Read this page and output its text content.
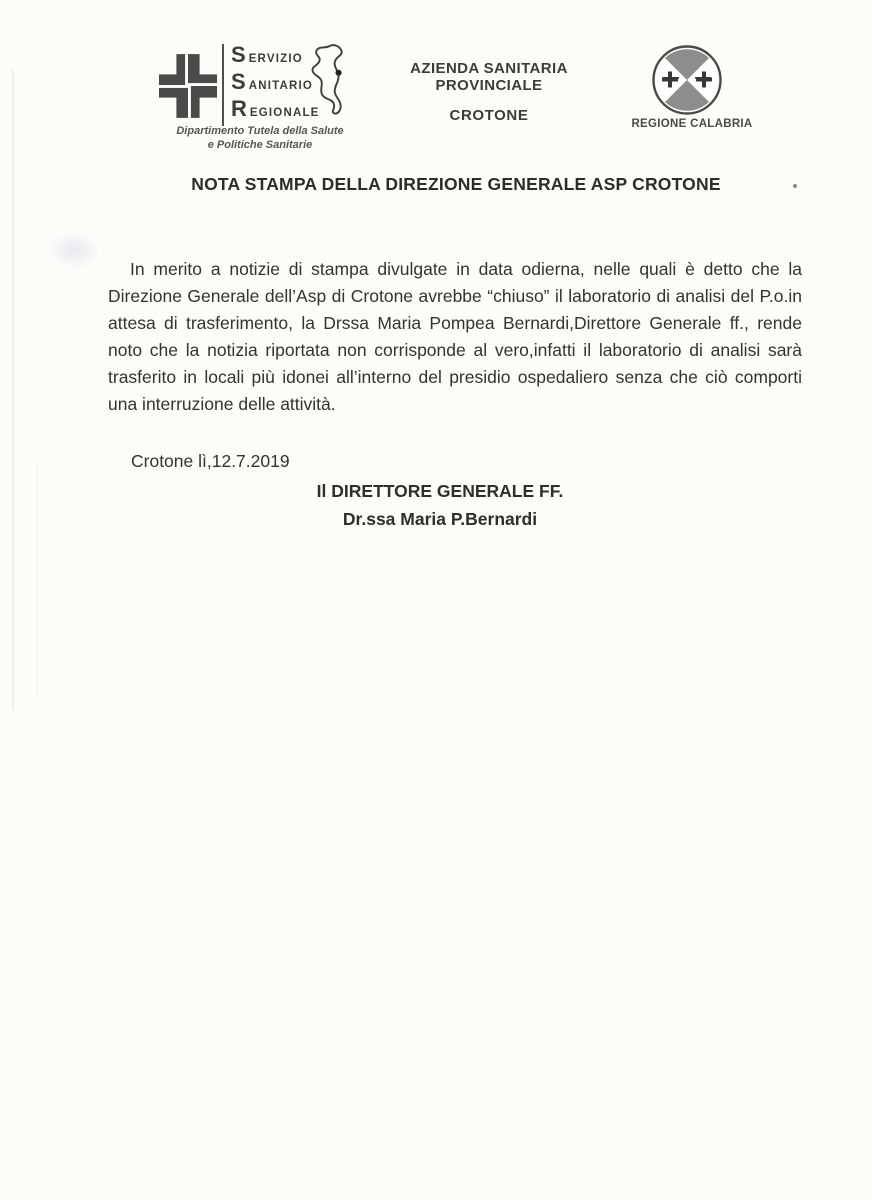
S ERVIZIO
S ANITARIO
R EGIONALE
Dipartimento Tutela della Salute
e Politiche Sanitarie
AZIENDA SANITARIA PROVINCIALE
CROTONE	REGIONE CALABRIA
NOTA STAMPA DELLA DIREZIONE GENERALE ASP CROTONE

In merito a notizie di stampa divulgate in data odierna, nelle quali è detto che la Direzione Generale dell’Asp di Crotone avrebbe “chiuso” il laboratorio di analisi del P.o.in attesa di trasferimento, la Drssa Maria Pompea Bernardi,Direttore Generale ff., rende noto che la notizia riportata non corrisponde al vero,infatti il laboratorio di analisi sarà trasferito in locali più idonei all’interno del presidio ospedaliero senza che ciò comporti una interruzione delle attività.

Crotone lì,12.7.2019
Il DIRETTORE GENERALE FF.
Dr.ssa Maria P.Bernardi
